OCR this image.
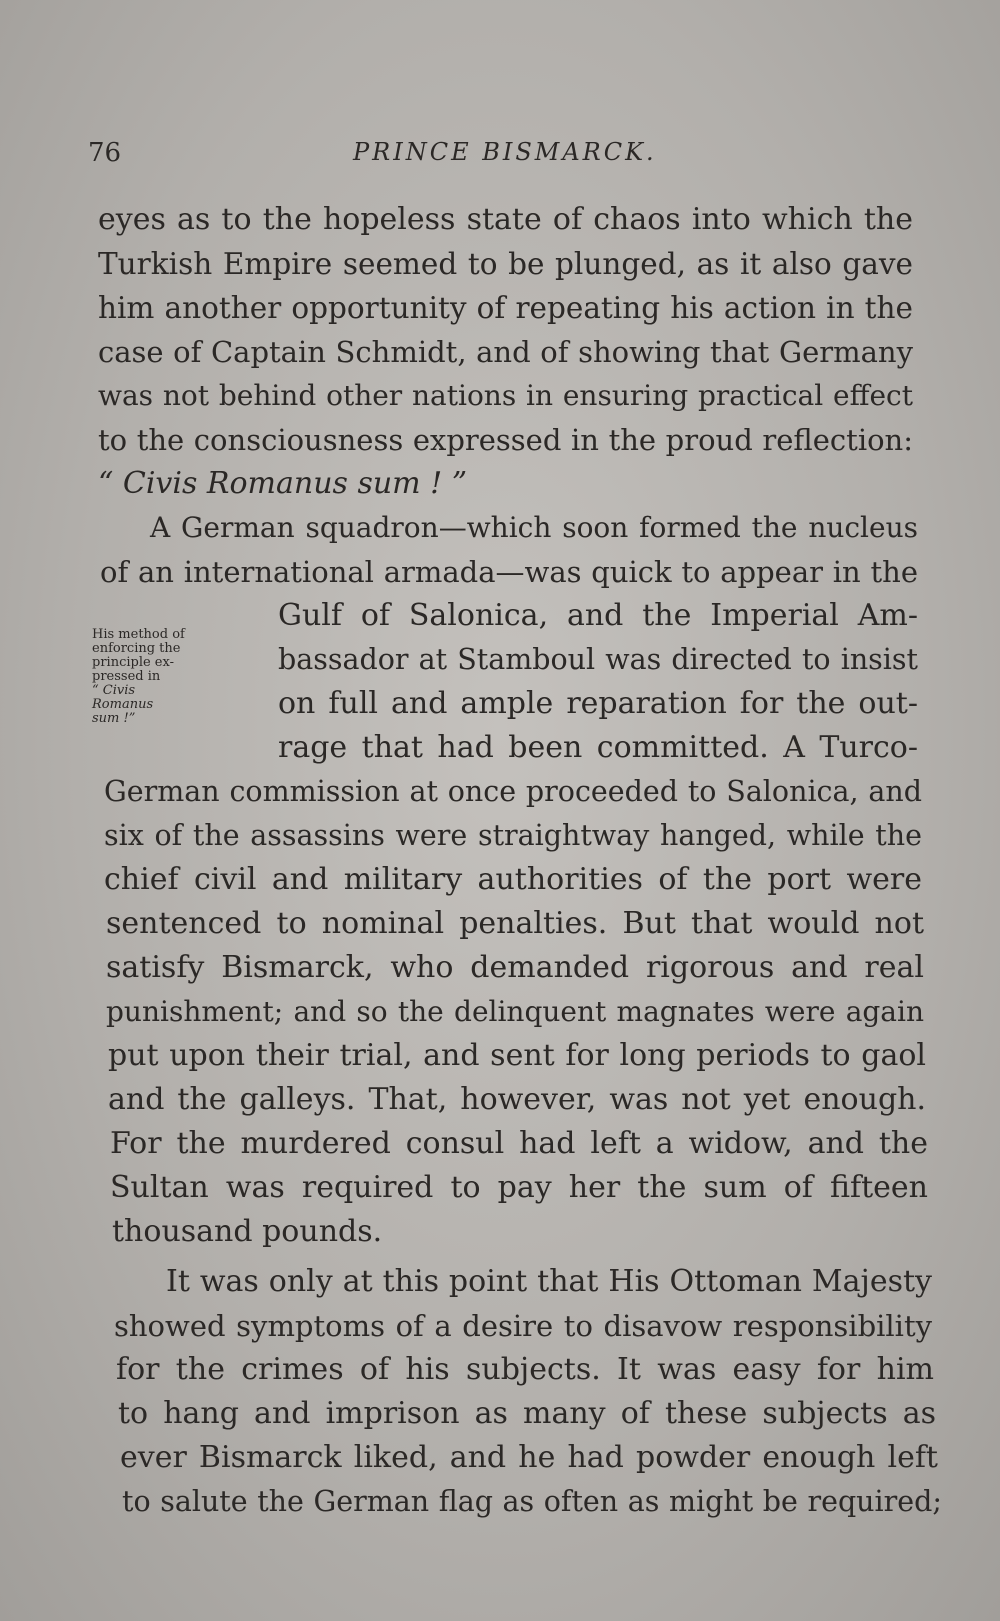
76	PRINCE BISMARCK.
His method of
enforcing the
principle ex-
pressed in
“ Civis
Romanus
sum !”
eyes as to the hopeless state of chaos into which the
Turkish Empire seemed to be plunged, as it also gave
him another opportunity of repeating his action in the
case of Captain Schmidt, and of showing that Germany
was not behind other nations in ensuring practical effect
to the consciousness expressed in the proud reflection:
“ Civis Romanus sum ! ”
A German squadron—which soon formed the nucleus
of an international armada—was quick to appear in the
Gulf of Salonica, and the Imperial Am-
bassador at Stamboul was directed to insist
on full and ample reparation for the out-
rage that had been committed. A Turco-
German commission at once proceeded to Salonica, and
six of the assassins were straightway hanged, while the
chief civil and military authorities of the port were
sentenced to nominal penalties. But that would not
satisfy Bismarck, who demanded rigorous and real
punishment; and so the delinquent magnates were again
put upon their trial, and sent for long periods to gaol
and the galleys. That, however, was not yet enough.
For the murdered consul had left a widow, and the
Sultan was required to pay her the sum of fifteen
thousand pounds.
It was only at this point that His Ottoman Majesty
showed symptoms of a desire to disavow responsibility
for the crimes of his subjects. It was easy for him
to hang and imprison as many of these subjects as
ever Bismarck liked, and he had powder enough left
to salute the German flag as often as might be required;
